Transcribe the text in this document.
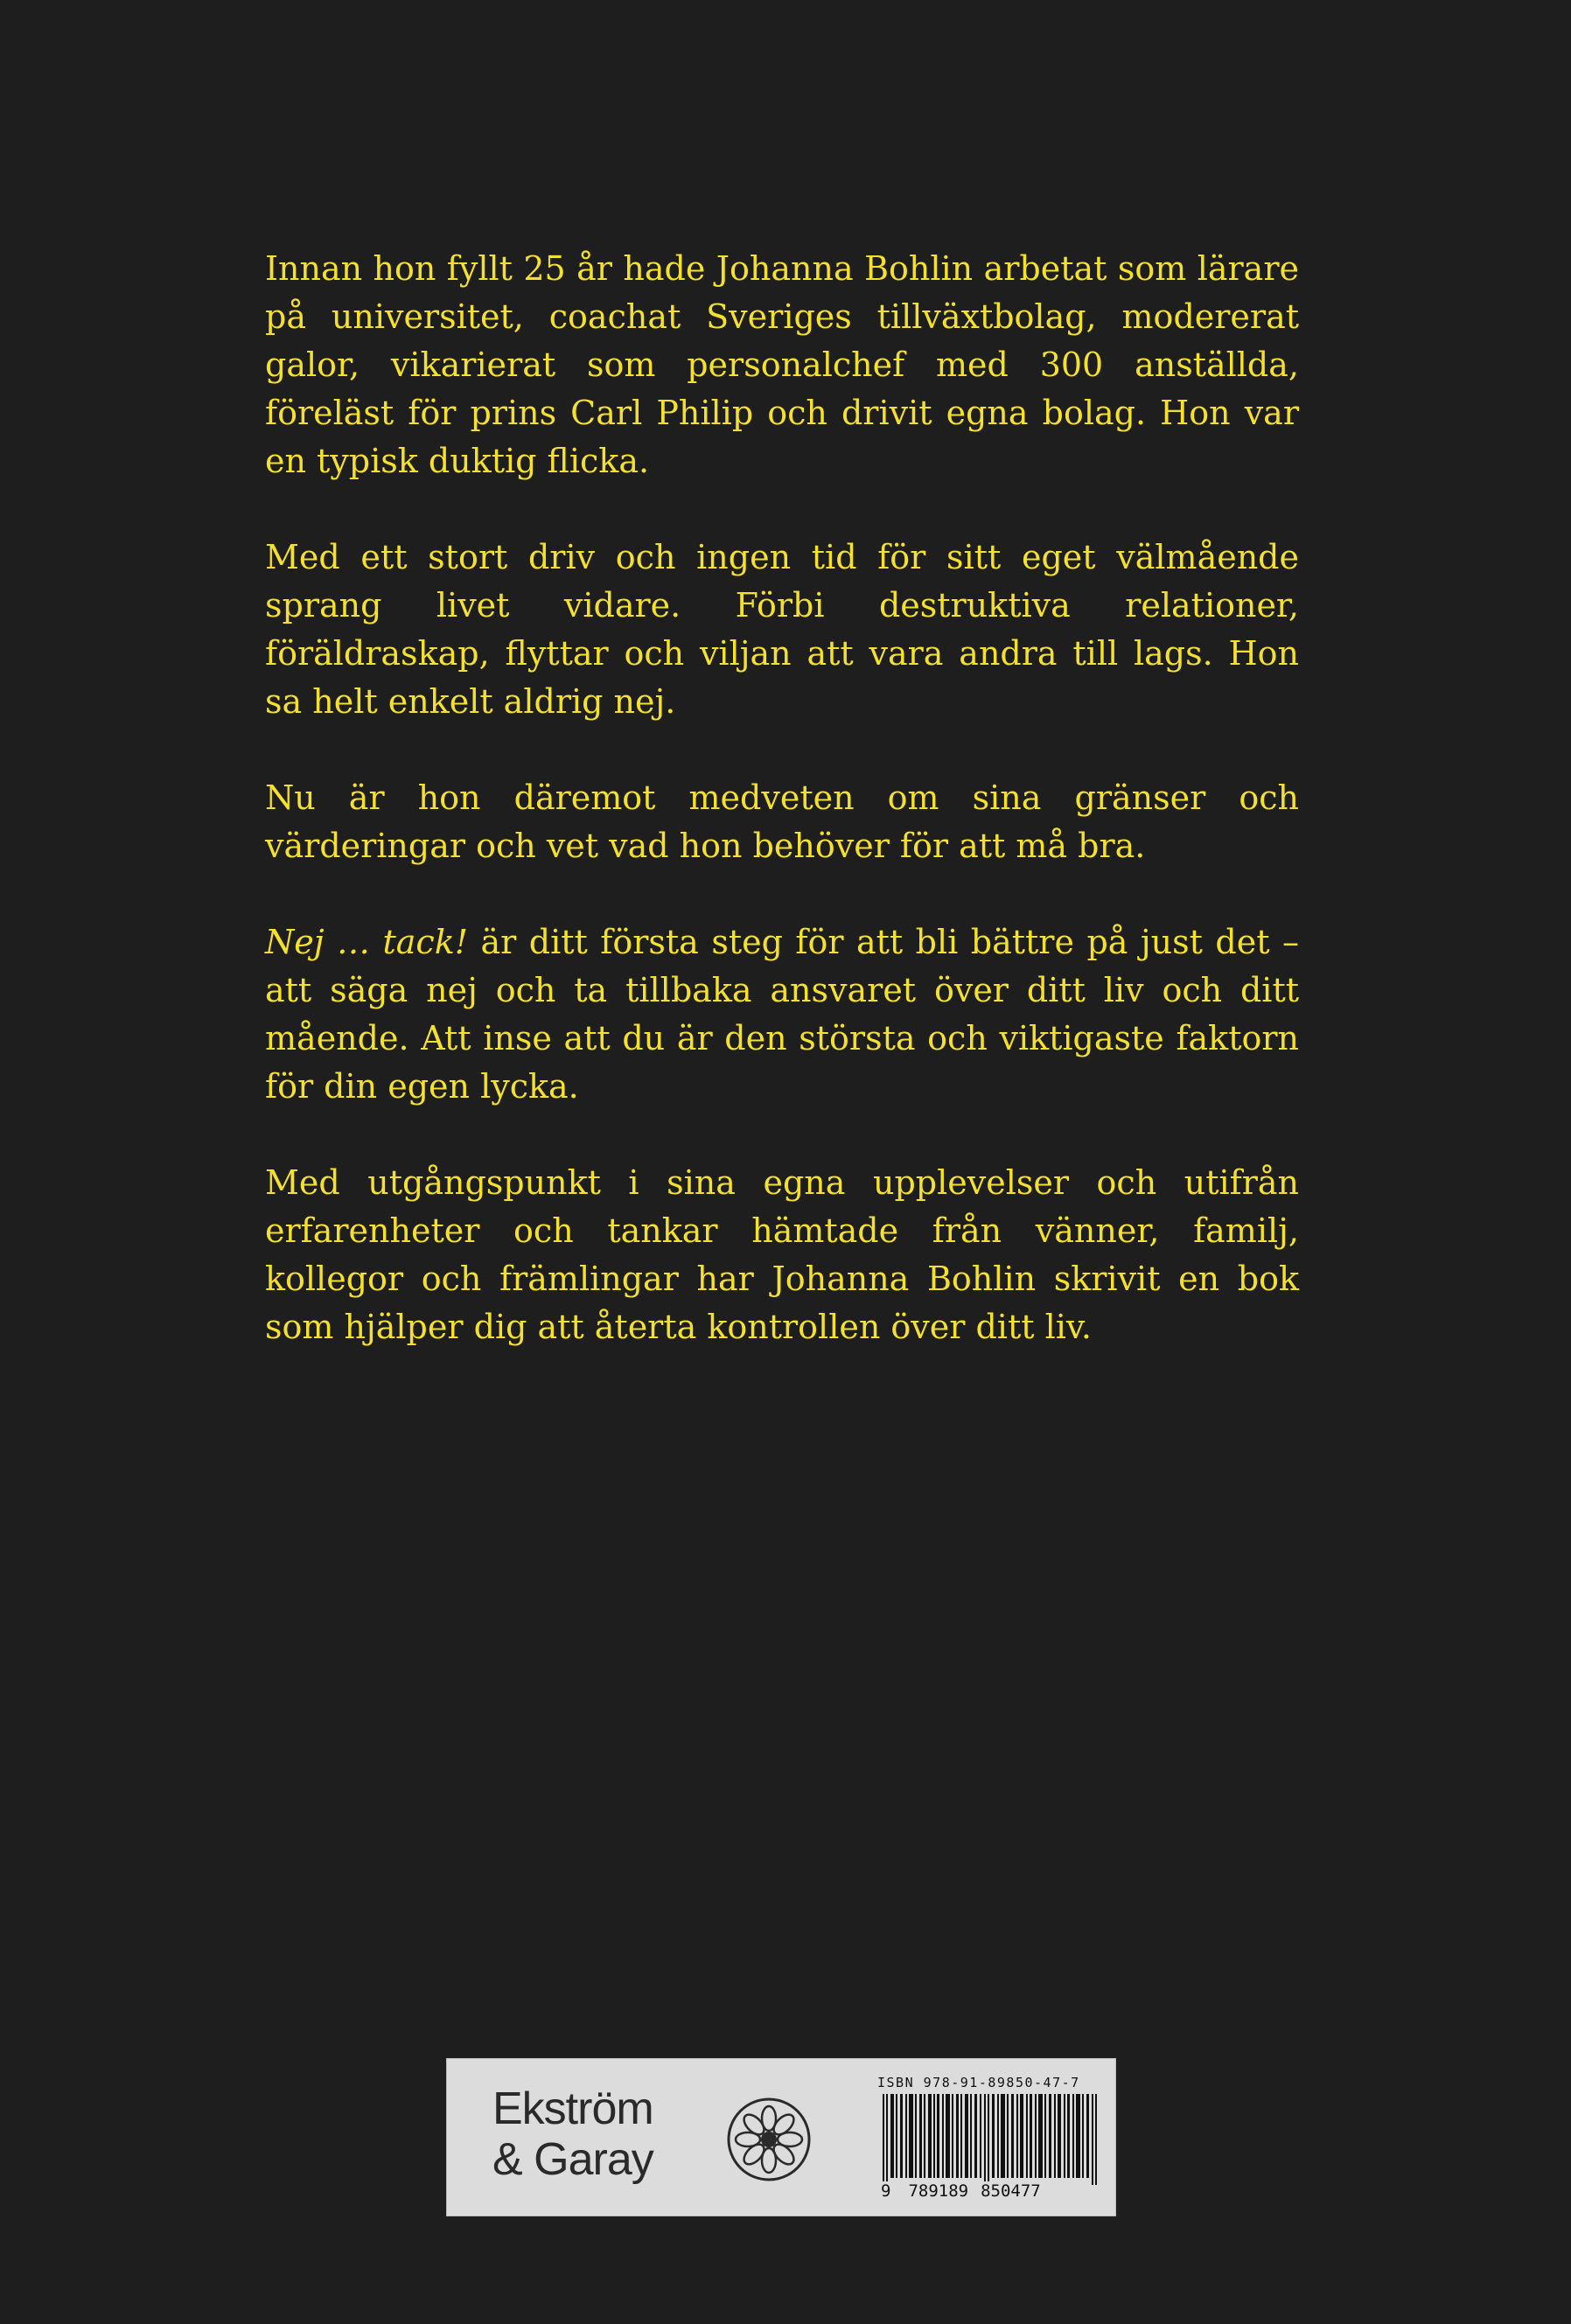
Innan hon fyllt 25 år hade Johanna Bohlin arbetat som lärare på universitet, coachat Sveriges tillväxtbolag, modererat galor, vikarierat som personalchef med 300 anställda, föreläst för prins Carl Philip och drivit egna bolag. Hon var en typisk duktig flicka.

Med ett stort driv och ingen tid för sitt eget välmående sprang livet vidare. Förbi destruktiva relationer, föräldraskap, flyttar och viljan att vara andra till lags. Hon sa helt enkelt aldrig nej.

Nu är hon däremot medveten om sina gränser och värderingar och vet vad hon behöver för att må bra.

Nej … tack! är ditt första steg för att bli bättre på just det – att säga nej och ta tillbaka ansvaret över ditt liv och ditt mående. Att inse att du är den största och viktigaste faktorn för din egen lycka.

Med utgångspunkt i sina egna upplevelser och utifrån erfarenheter och tankar hämtade från vänner, familj, kollegor och främlingar har Johanna Bohlin skrivit en bok som hjälper dig att återta kontrollen över ditt liv.

Ekström
& Garay
ISBN 978-91-89850-47-7
9 789189 850477
